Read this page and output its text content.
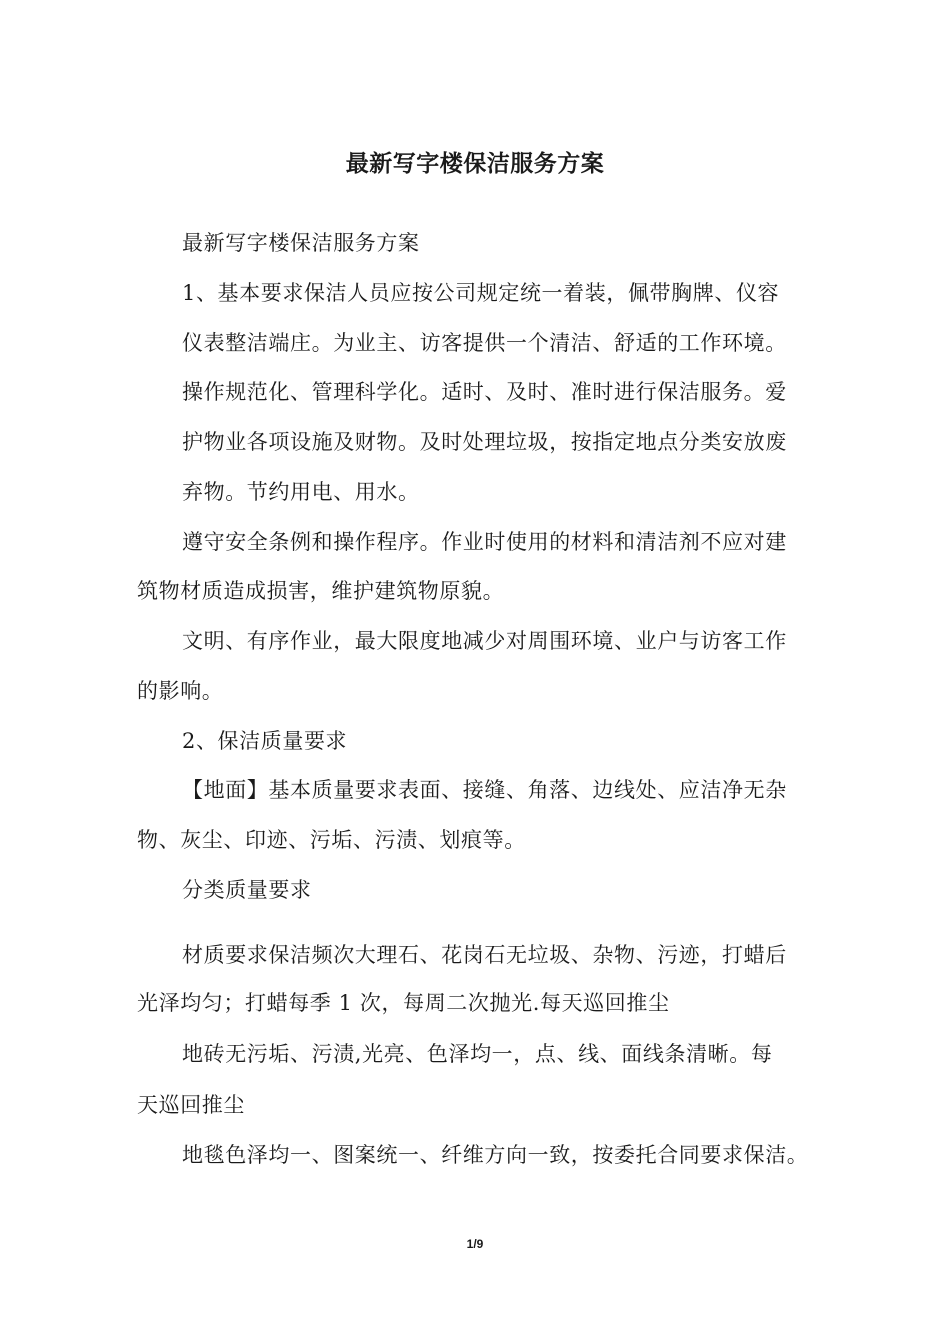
最新写字楼保洁服务方案
最新写字楼保洁服务方案
1、基本要求保洁人员应按公司规定统一着装，佩带胸牌、仪容
仪表整洁端庄。为业主、访客提供一个清洁、舒适的工作环境。
操作规范化、管理科学化。适时、及时、准时进行保洁服务。爱
护物业各项设施及财物。及时处理垃圾，按指定地点分类安放废
弃物。节约用电、用水。
遵守安全条例和操作程序。作业时使用的材料和清洁剂不应对建
筑物材质造成损害，维护建筑物原貌。
文明、有序作业，最大限度地减少对周围环境、业户与访客工作
的影响。
2、保洁质量要求
【地面】基本质量要求表面、接缝、角落、边线处、应洁净无杂
物、灰尘、印迹、污垢、污渍、划痕等。
分类质量要求
材质要求保洁频次大理石、花岗石无垃圾、杂物、污迹，打蜡后
光泽均匀；打蜡每季 1 次，每周二次抛光.每天巡回推尘
地砖无污垢、污渍,光亮、色泽均一，点、线、面线条清晰。每
天巡回推尘
地毯色泽均一、图案统一、纤维方向一致，按委托合同要求保洁。
1/9
